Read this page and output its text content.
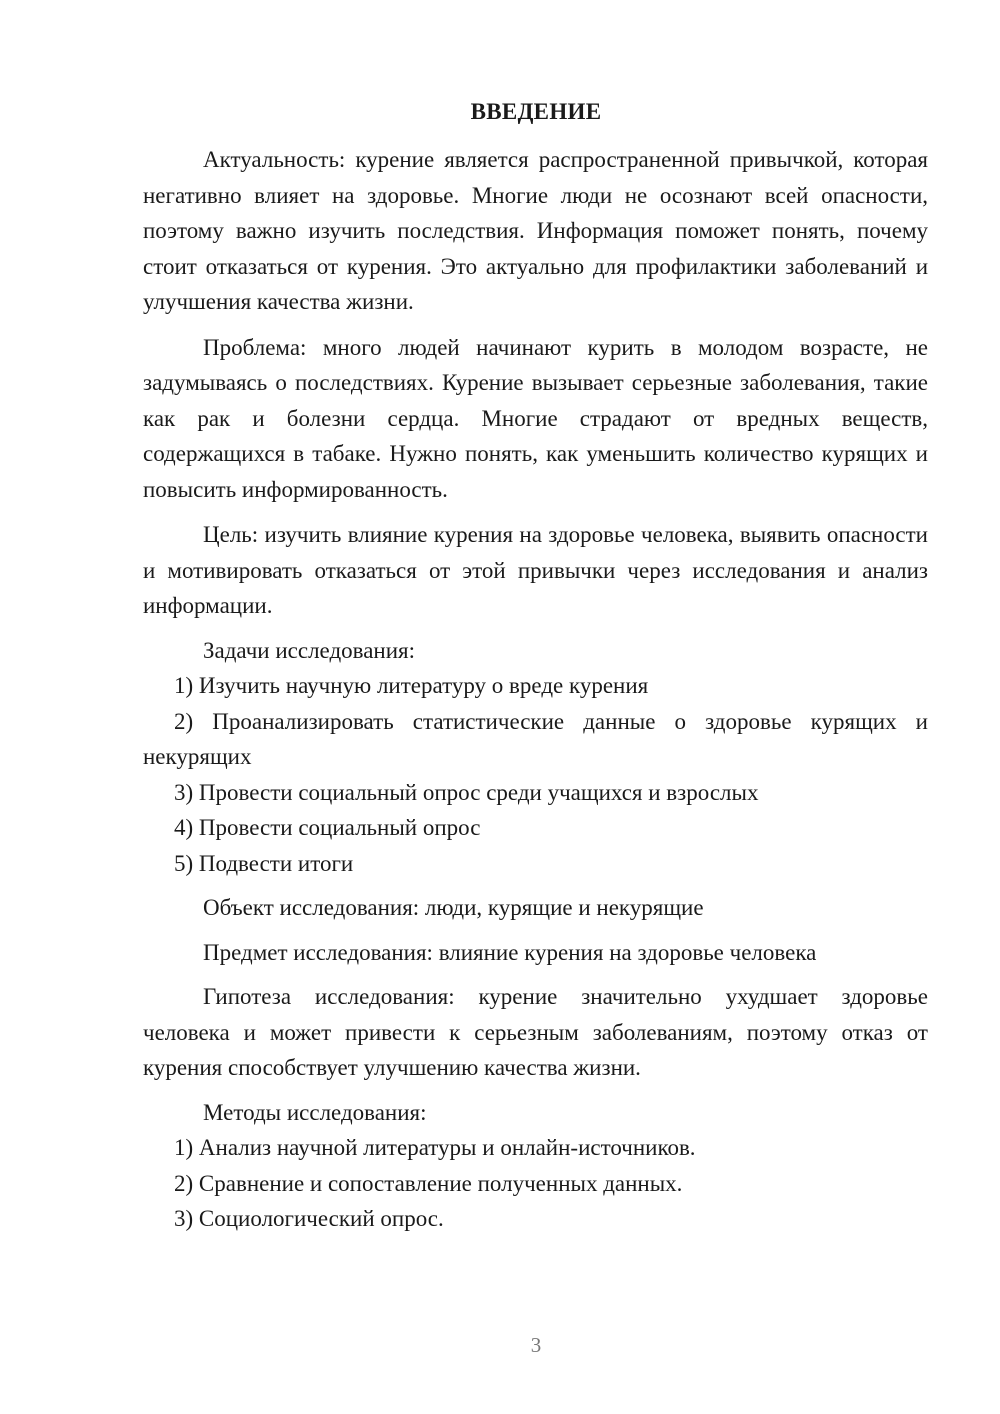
ВВЕДЕНИЕ

Актуальность: курение является распространенной привычкой, которая негативно влияет на здоровье. Многие люди не осознают всей опасности, поэтому важно изучить последствия. Информация поможет понять, почему стоит отказаться от курения. Это актуально для профилактики заболеваний и улучшения качества жизни.

Проблема: много людей начинают курить в молодом возрасте, не задумываясь о последствиях. Курение вызывает серьезные заболевания, такие как рак и болезни сердца. Многие страдают от вредных веществ, содержащихся в табаке. Нужно понять, как уменьшить количество курящих и повысить информированность.

Цель: изучить влияние курения на здоровье человека, выявить опасности и мотивировать отказаться от этой привычки через исследования и анализ информации.

Задачи исследования:

1) Изучить научную литературу о вреде курения

2) Проанализировать статистические данные о здоровье курящих и некурящих

3) Провести социальный опрос среди учащихся и взрослых

4) Провести социальный опрос

5) Подвести итоги

Объект исследования: люди, курящие и некурящие

Предмет исследования: влияние курения на здоровье человека

Гипотеза исследования: курение значительно ухудшает здоровье человека и может привести к серьезным заболеваниям, поэтому отказ от курения способствует улучшению качества жизни.

Методы исследования:

1) Анализ научной литературы и онлайн-источников.

2) Сравнение и сопоставление полученных данных.

3) Социологический опрос.

3
